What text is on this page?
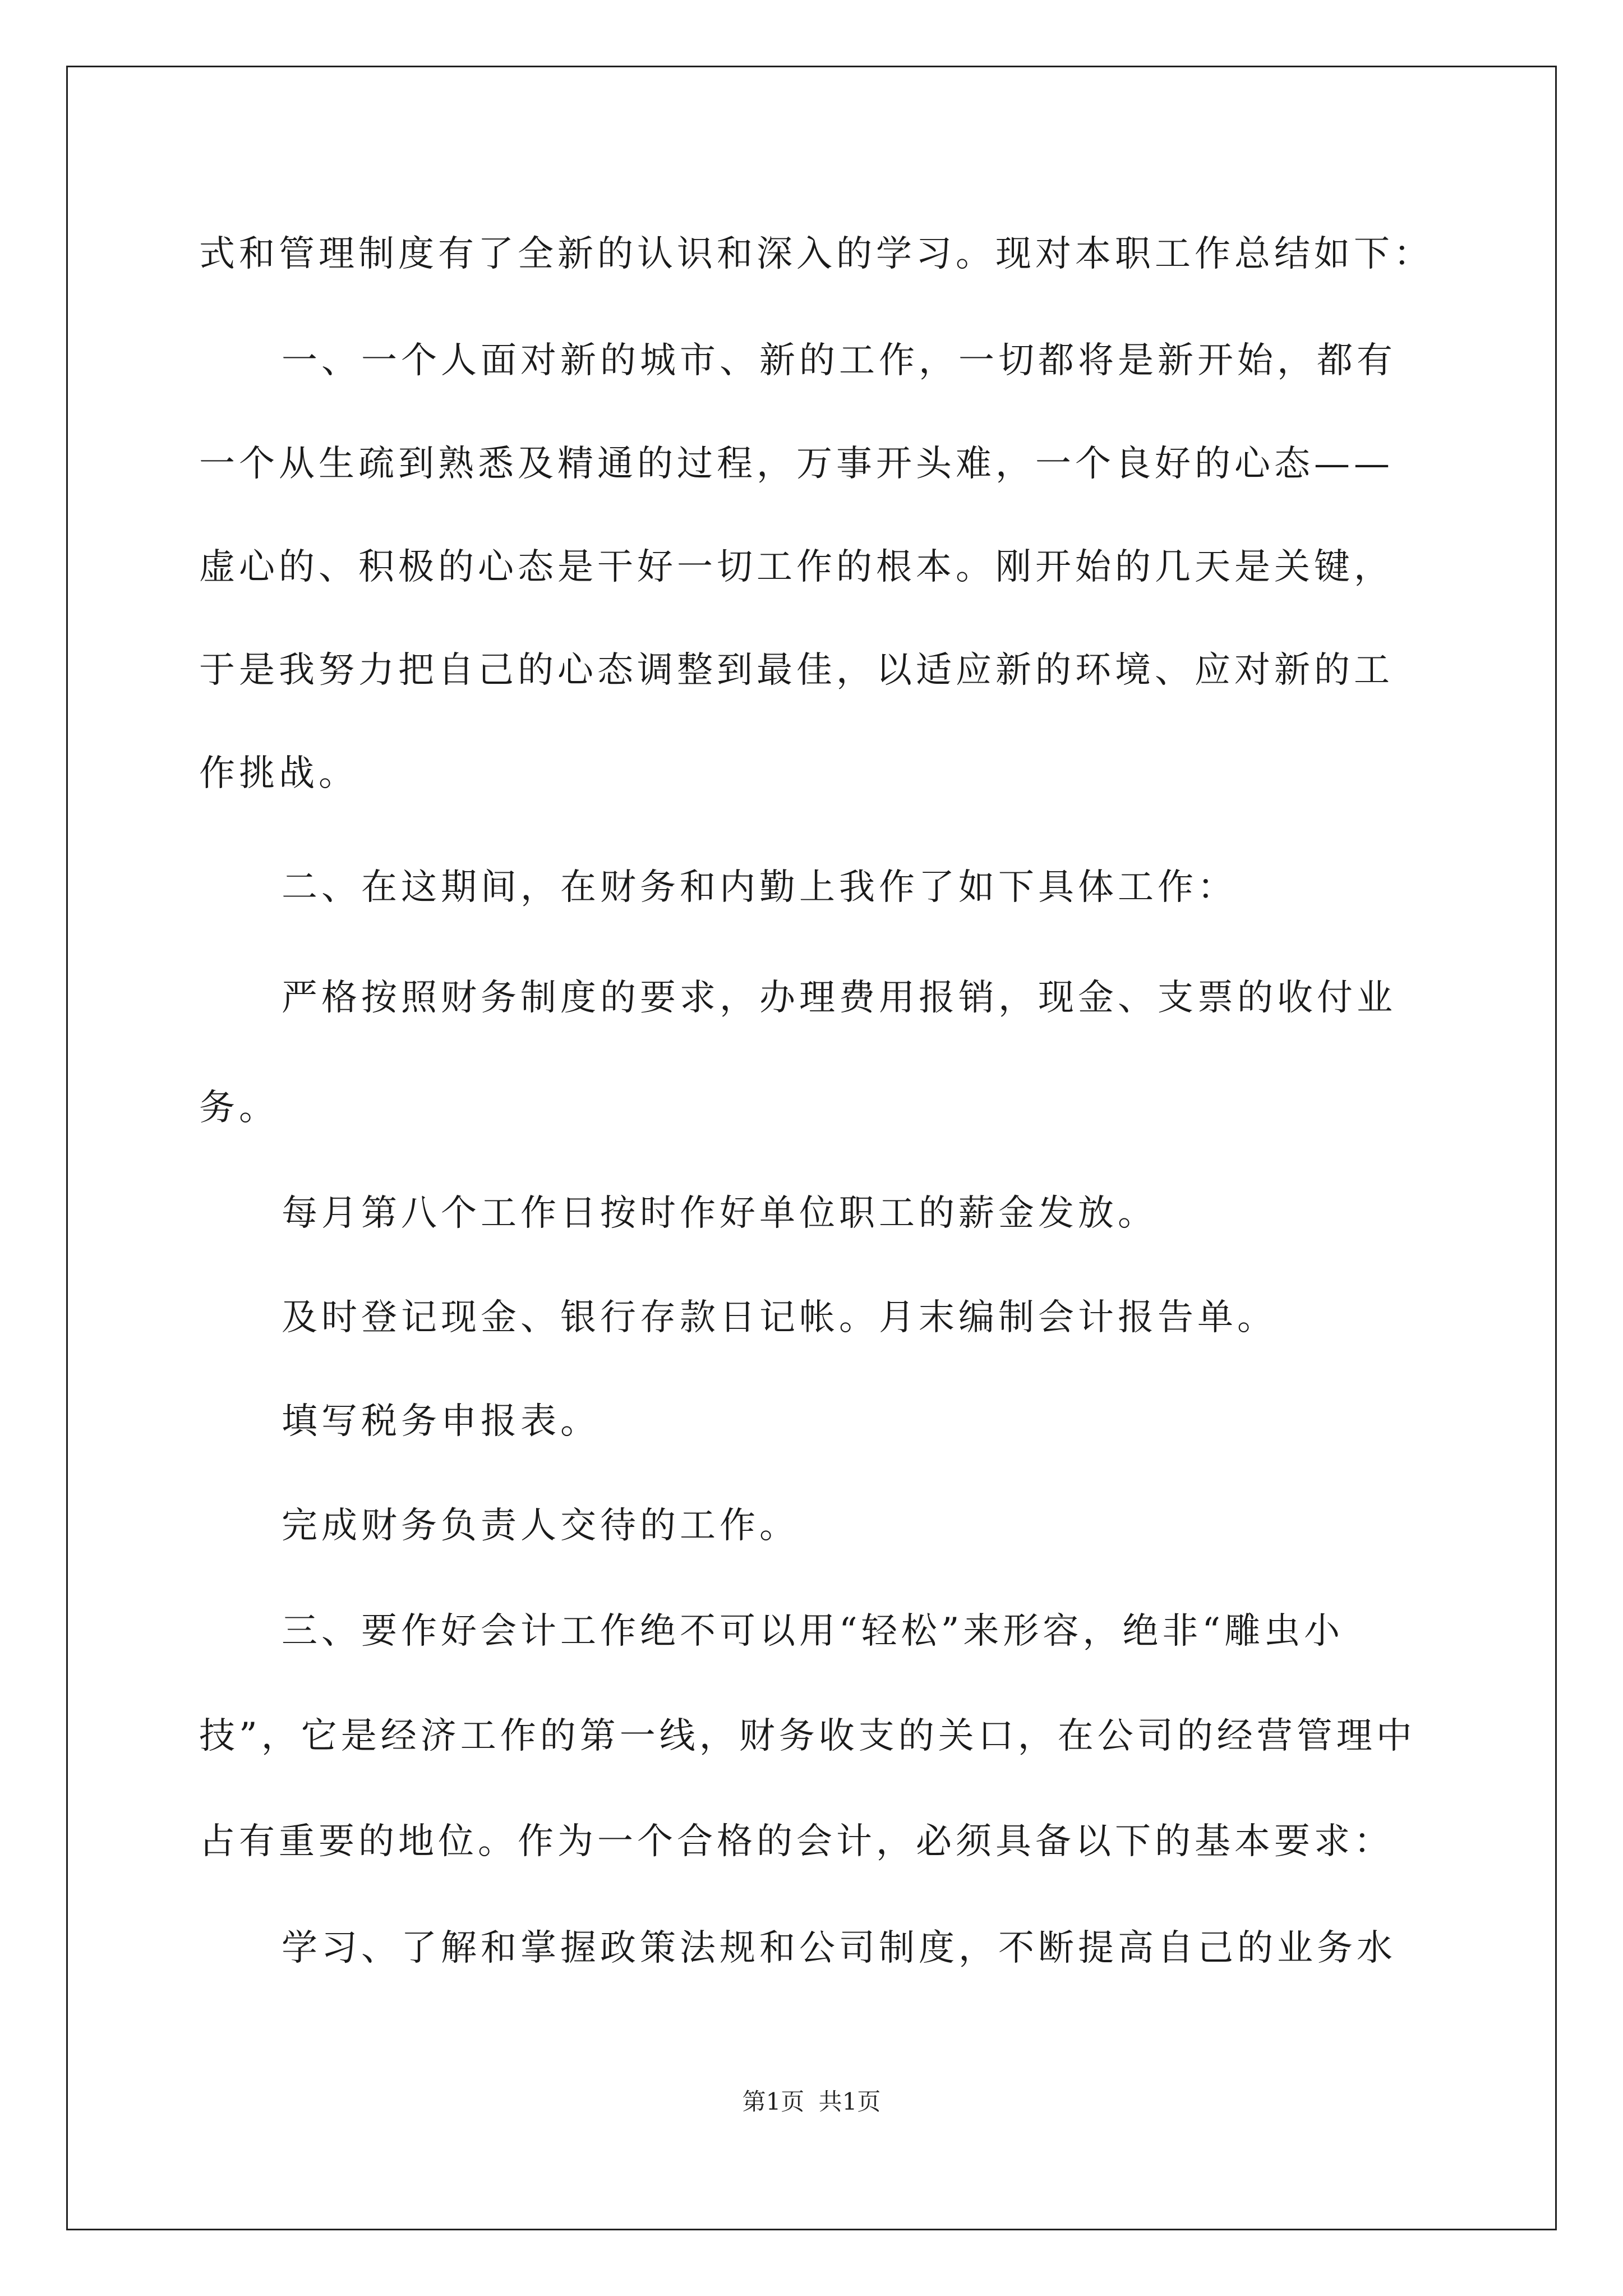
式和管理制度有了全新的认识和深入的学习。现对本职工作总结如下：
一、一个人面对新的城市、新的工作，一切都将是新开始，都有
一个从生疏到熟悉及精通的过程，万事开头难，一个良好的心态——
虚心的、积极的心态是干好一切工作的根本。刚开始的几天是关键，
于是我努力把自己的心态调整到最佳，以适应新的环境、应对新的工
作挑战。
二、在这期间，在财务和内勤上我作了如下具体工作：
严格按照财务制度的要求，办理费用报销，现金、支票的收付业
务。
每月第八个工作日按时作好单位职工的薪金发放。
及时登记现金、银行存款日记帐。月末编制会计报告单。
填写税务申报表。
完成财务负责人交待的工作。
三、要作好会计工作绝不可以用“轻松”来形容，绝非“雕虫小
技”，它是经济工作的第一线，财务收支的关口，在公司的经营管理中
占有重要的地位。作为一个合格的会计，必须具备以下的基本要求：
学习、了解和掌握政策法规和公司制度，不断提高自己的业务水
第1页 共1页
